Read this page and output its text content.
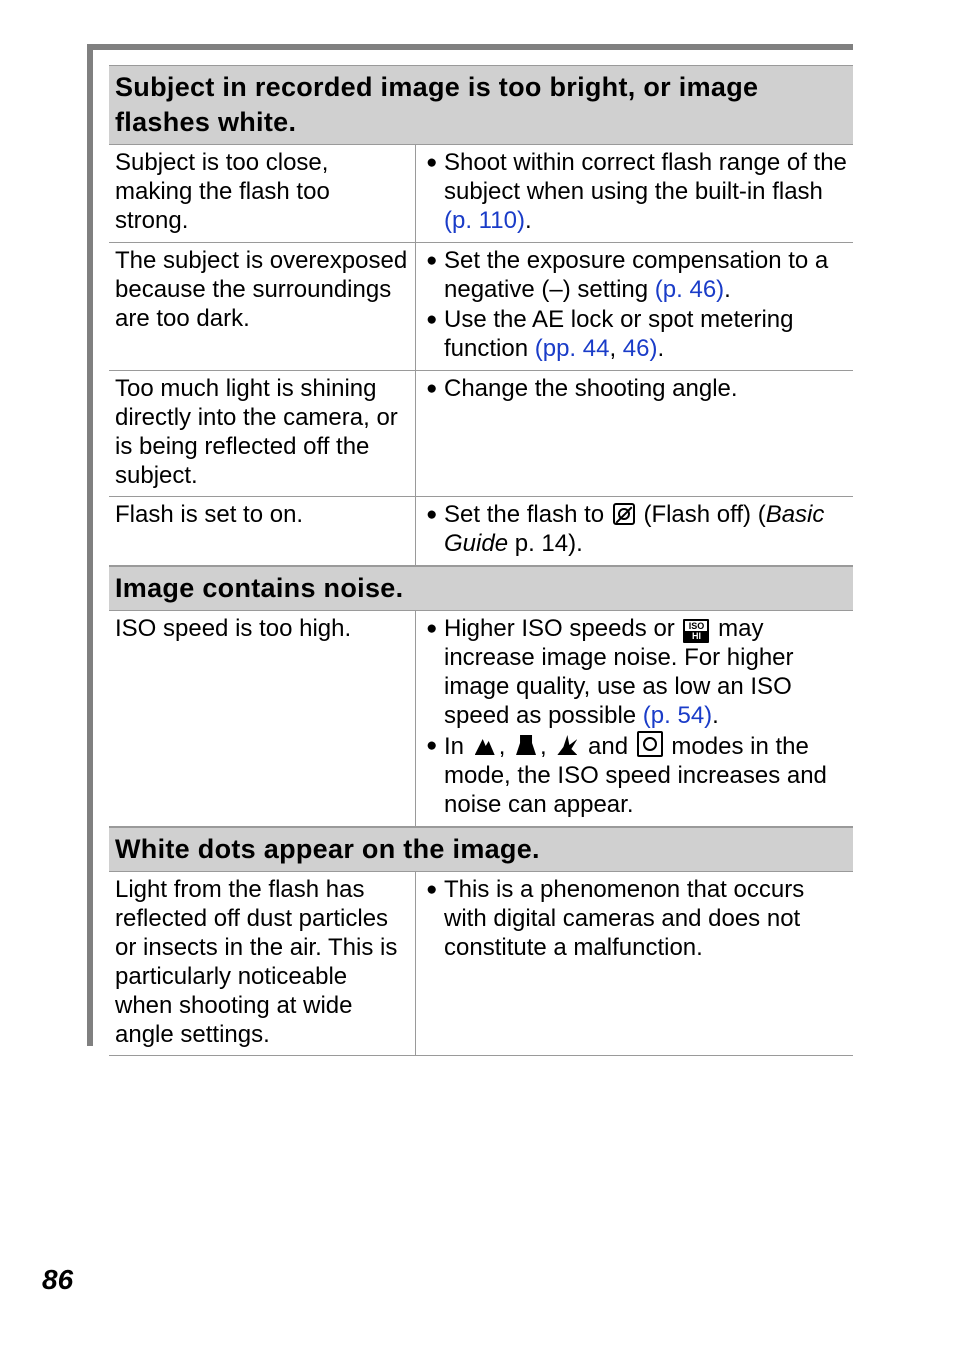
Subject in recorded image is too bright, or image flashes white.
Subject is too close, making the flash too strong.
● Shoot within correct flash range of the subject when using the built-in flash (p. 110).
The subject is overexposed because the surroundings are too dark.
● Set the exposure compensation to a negative (–) setting (p. 46).
● Use the AE lock or spot metering function (pp. 44, 46).
Too much light is shining directly into the camera, or is being reflected off the subject.
● Change the shooting angle.
Flash is set to on.	● Set the flash to  (Flash off) (Basic Guide p. 14).
Image contains noise.
ISO speed is too high.	● Higher ISO speeds or ISO
HI may increase image noise. For higher image quality, use as low an ISO speed as possible (p. 54).
● In , ,  and  modes in the mode, the ISO speed increases and noise can appear.
White dots appear on the image.
Light from the flash has reflected off dust particles or insects in the air. This is particularly noticeable when shooting at wide angle settings.
● This is a phenomenon that occurs with digital cameras and does not constitute a malfunction.
86
